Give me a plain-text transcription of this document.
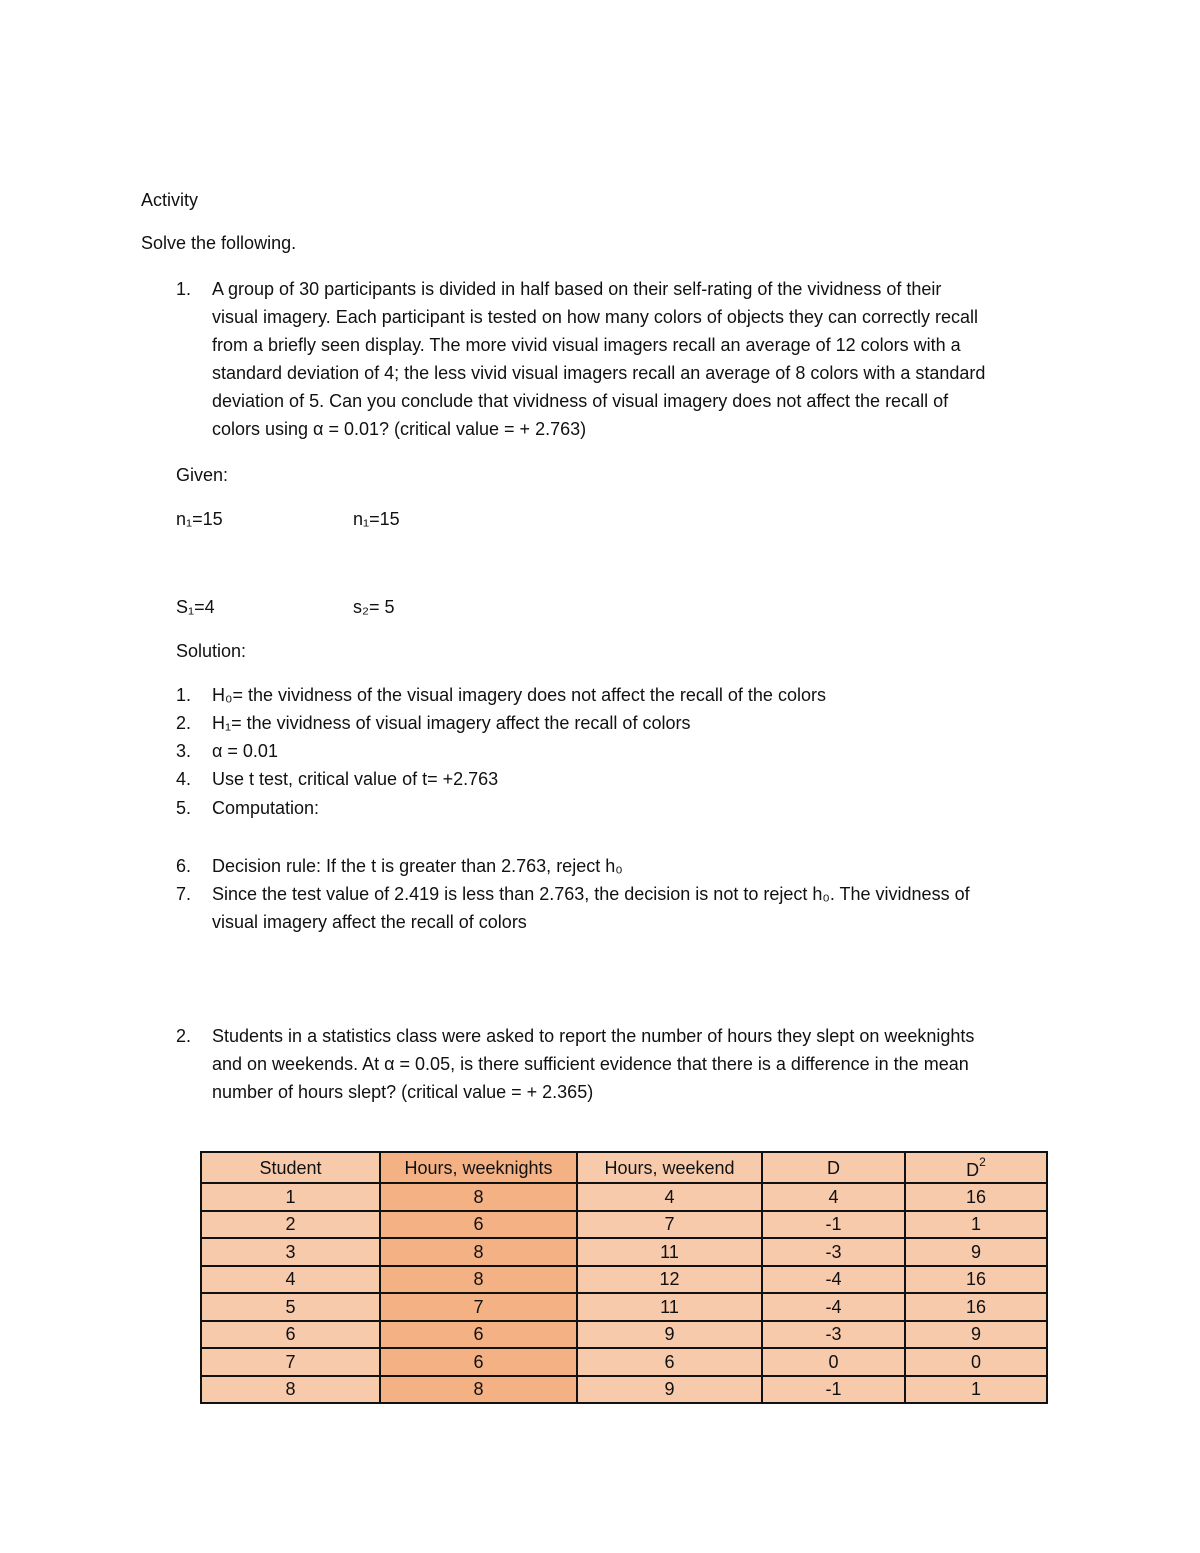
Activity
Solve the following.
1.	A group of 30 participants is divided in half based on their self-rating of the vividness of their
visual imagery. Each participant is tested on how many colors of objects they can correctly recall
from a briefly seen display. The more vivid visual imagers recall an average of 12 colors with a
standard deviation of 4; the less vivid visual imagers recall an average of 8 colors with a standard
deviation of 5. Can you conclude that vividness of visual imagery does not affect the recall of
colors using α = 0.01? (critical value = + 2.763)
Given:
n₁=15	n₁=15
S₁=4	s₂= 5
Solution:
1.	H₀= the vividness of the visual imagery does not affect the recall of the colors
2.	H₁= the vividness of visual imagery affect the recall of colors
3.	α = 0.01
4.	Use t test, critical value of t= +2.763
5.	Computation:
6.	Decision rule: If the t is greater than 2.763, reject h₀
7.	Since the test value of 2.419 is less than 2.763, the decision is not to reject h₀. The vividness of
visual imagery affect the recall of colors
2.	Students in a statistics class were asked to report the number of hours they slept on weeknights
and on weekends. At α = 0.05, is there sufficient evidence that there is a difference in the mean
number of hours slept? (critical value = + 2.365)
Student	Hours, weeknights	Hours, weekend	D	$D^2$
1	8	4	4	16
2	6	7	-1	1
3	8	11	-3	9
4	8	12	-4	16
5	7	11	-4	16
6	6	9	-3	9
7	6	6	0	0
8	8	9	-1	1
